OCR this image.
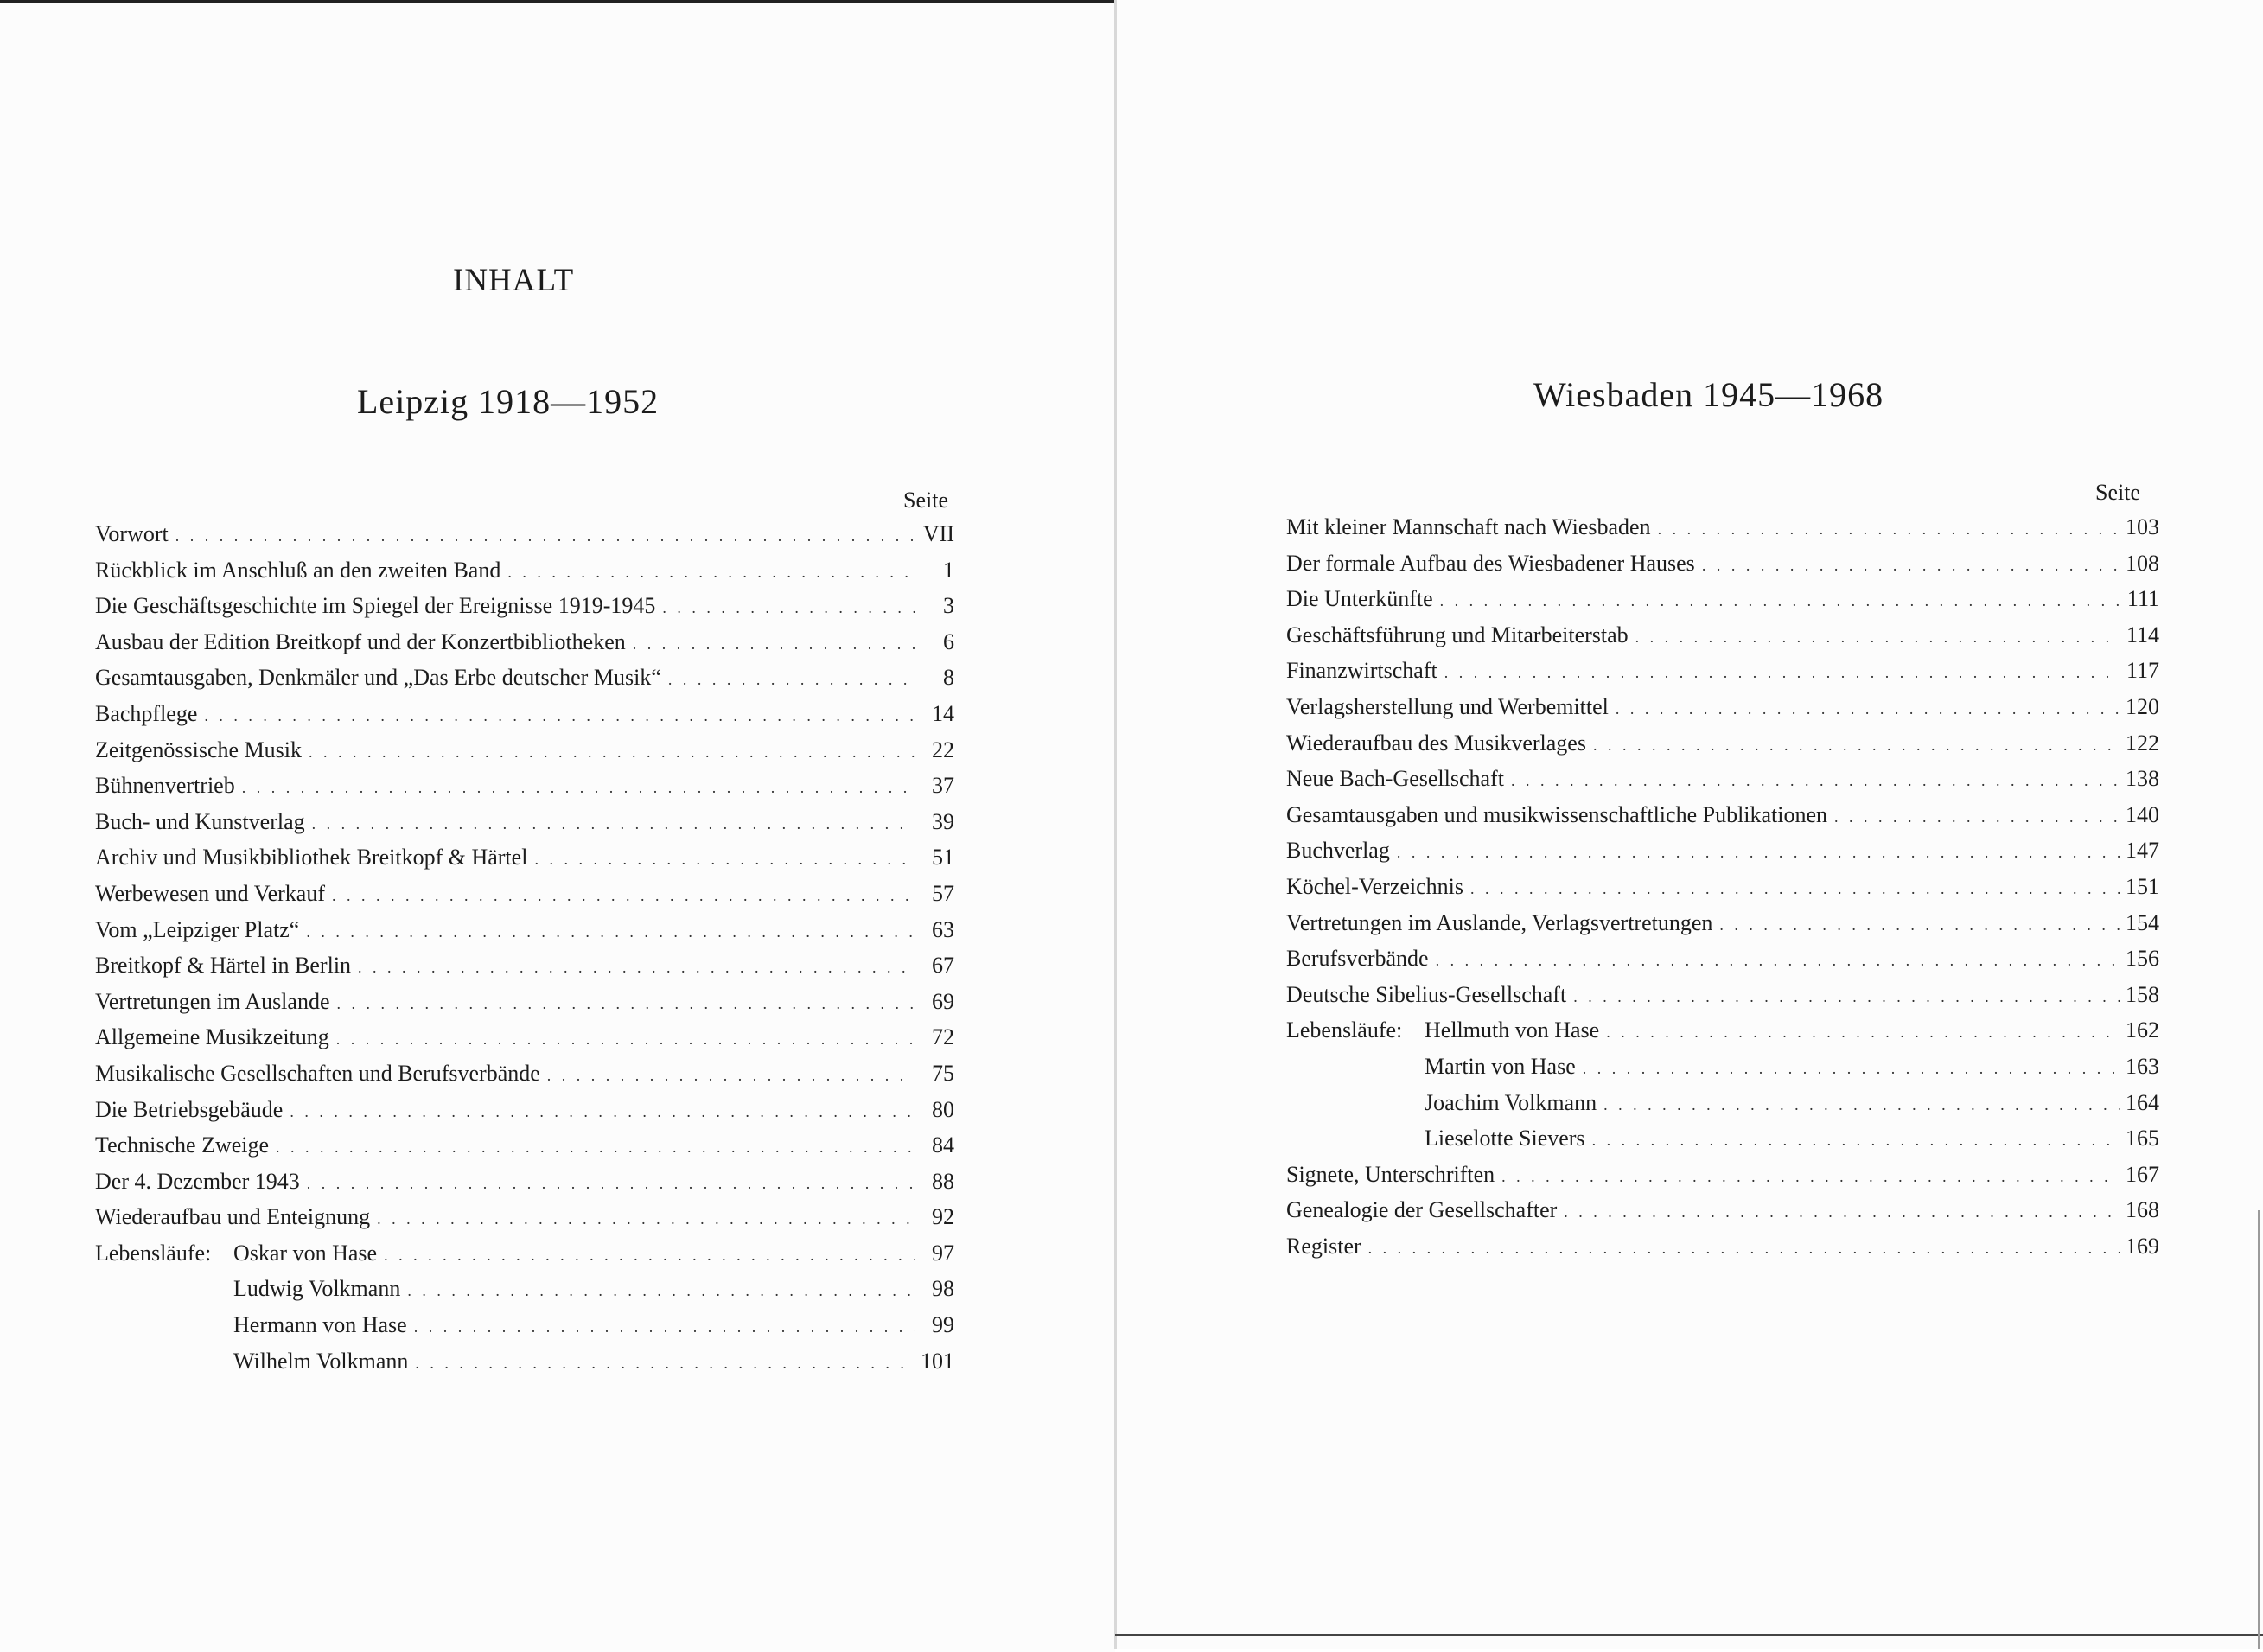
INHALT
Leipzig 1918—1952
Seite
Vorwort . . .	VII
Rückblick im Anschluß an den zweiten Band . . .	1
Die Geschäftsgeschichte im Spiegel der Ereignisse 1919-1945 . . .	3
Ausbau der Edition Breitkopf und der Konzertbibliotheken . . .	6
Gesamtausgaben, Denkmäler und „Das Erbe deutscher Musik“ . . .	8
Bachpflege . . .	14
Zeitgenössische Musik . . .	22
Bühnenvertrieb . . .	37
Buch- und Kunstverlag . . .	39
Archiv und Musikbibliothek Breitkopf & Härtel . . .	51
Werbewesen und Verkauf . . .	57
Vom „Leipziger Platz“ . . .	63
Breitkopf & Härtel in Berlin . . .	67
Vertretungen im Auslande . . .	69
Allgemeine Musikzeitung . . .	72
Musikalische Gesellschaften und Berufsverbände . . .	75
Die Betriebsgebäude . . .	80
Technische Zweige . . .	84
Der 4. Dezember 1943 . . .	88
Wiederaufbau und Enteignung . . .	92
Lebensläufe: Oskar von Hase . . .	97
Ludwig Volkmann . . .	98
Hermann von Hase . . .	99
Wilhelm Volkmann . . .	101
Wiesbaden 1945—1968
Seite
Mit kleiner Mannschaft nach Wiesbaden . . .	103
Der formale Aufbau des Wiesbadener Hauses . . .	108
Die Unterkünfte . . .	111
Geschäftsführung und Mitarbeiterstab . . .	114
Finanzwirtschaft . . .	117
Verlagsherstellung und Werbemittel . . .	120
Wiederaufbau des Musikverlages . . .	122
Neue Bach-Gesellschaft . . .	138
Gesamtausgaben und musikwissenschaftliche Publikationen . . .	140
Buchverlag . . .	147
Köchel-Verzeichnis . . .	151
Vertretungen im Auslande, Verlagsvertretungen . . .	154
Berufsverbände . . .	156
Deutsche Sibelius-Gesellschaft . . .	158
Lebensläufe: Hellmuth von Hase . . .	162
Martin von Hase . . .	163
Joachim Volkmann . . .	164
Lieselotte Sievers . . .	165
Signete, Unterschriften . . .	167
Genealogie der Gesellschafter . . .	168
Register . . .	169
